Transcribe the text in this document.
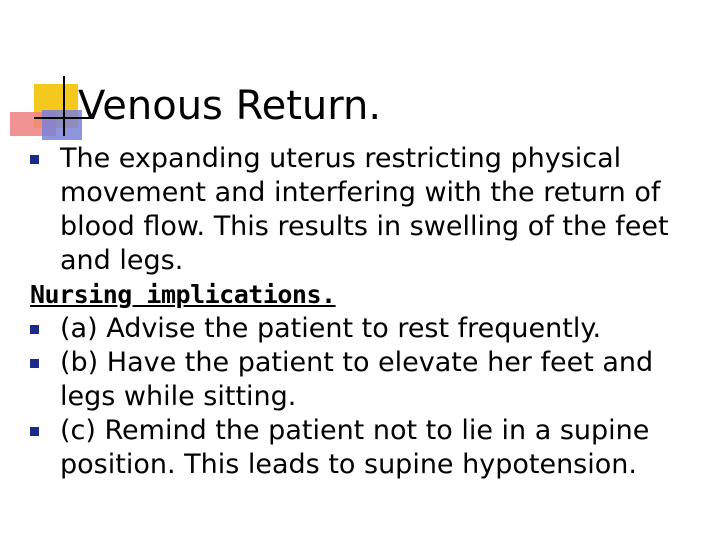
Venous Return.

The expanding uterus restricting physical movement and interfering with the return of blood flow. This results in swelling of the feet and legs.

Nursing implications.

(a) Advise the patient to rest frequently.

(b) Have the patient to elevate her feet and legs while sitting.

(c) Remind the patient not to lie in a supine position. This leads to supine hypotension.
